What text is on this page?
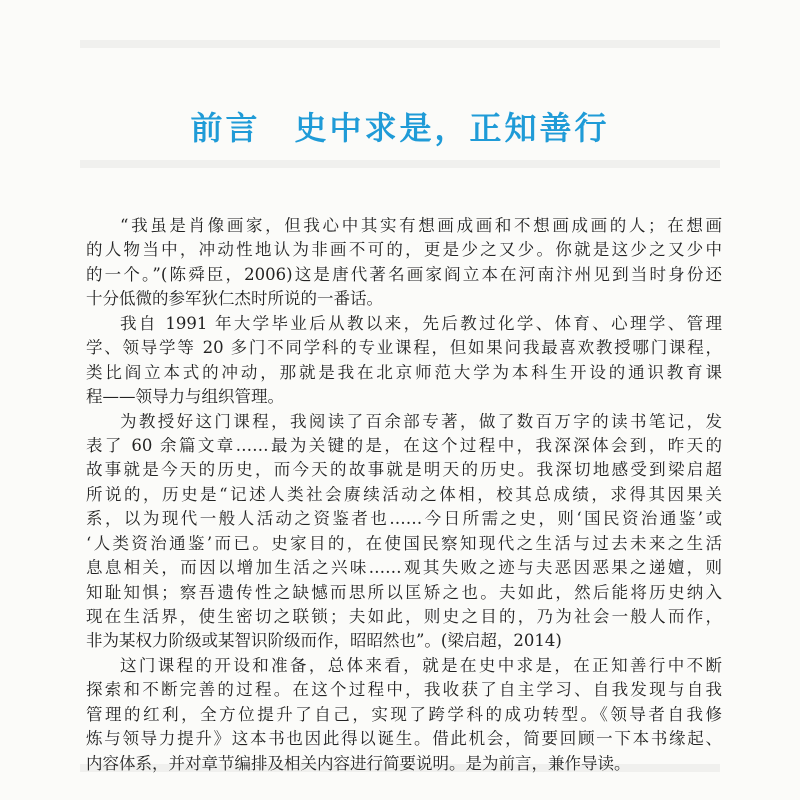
前言 史中求是，正知善行
“我虽是肖像画家，但我心中其实有想画成画和不想画成画的人；在想画
的人物当中，冲动性地认为非画不可的，更是少之又少。你就是这少之又少中
的一个。”(陈舜臣，2006)这是唐代著名画家阎立本在河南汴州见到当时身份还
十分低微的参军狄仁杰时所说的一番话。
我自 1991 年大学毕业后从教以来，先后教过化学、体育、心理学、管理
学、领导学等 20 多门不同学科的专业课程，但如果问我最喜欢教授哪门课程，
类比阎立本式的冲动，那就是我在北京师范大学为本科生开设的通识教育课
程——领导力与组织管理。
为教授好这门课程，我阅读了百余部专著，做了数百万字的读书笔记，发
表了 60 余篇文章……最为关键的是，在这个过程中，我深深体会到，昨天的
故事就是今天的历史，而今天的故事就是明天的历史。我深切地感受到梁启超
所说的，历史是“记述人类社会赓续活动之体相，校其总成绩，求得其因果关
系，以为现代一般人活动之资鉴者也……今日所需之史，则‘国民资治通鉴’或
‘人类资治通鉴’而已。史家目的，在使国民察知现代之生活与过去未来之生活
息息相关，而因以增加生活之兴味……观其失败之迹与夫恶因恶果之递嬗，则
知耻知惧；察吾遗传性之缺憾而思所以匡矫之也。夫如此，然后能将历史纳入
现在生活界，使生密切之联锁；夫如此，则史之目的，乃为社会一般人而作，
非为某权力阶级或某智识阶级而作，昭昭然也”。(梁启超，2014)
这门课程的开设和准备，总体来看，就是在史中求是，在正知善行中不断
探索和不断完善的过程。在这个过程中，我收获了自主学习、自我发现与自我
管理的红利，全方位提升了自己，实现了跨学科的成功转型。《领导者自我修
炼与领导力提升》这本书也因此得以诞生。借此机会，简要回顾一下本书缘起、
内容体系，并对章节编排及相关内容进行简要说明。是为前言，兼作导读。
